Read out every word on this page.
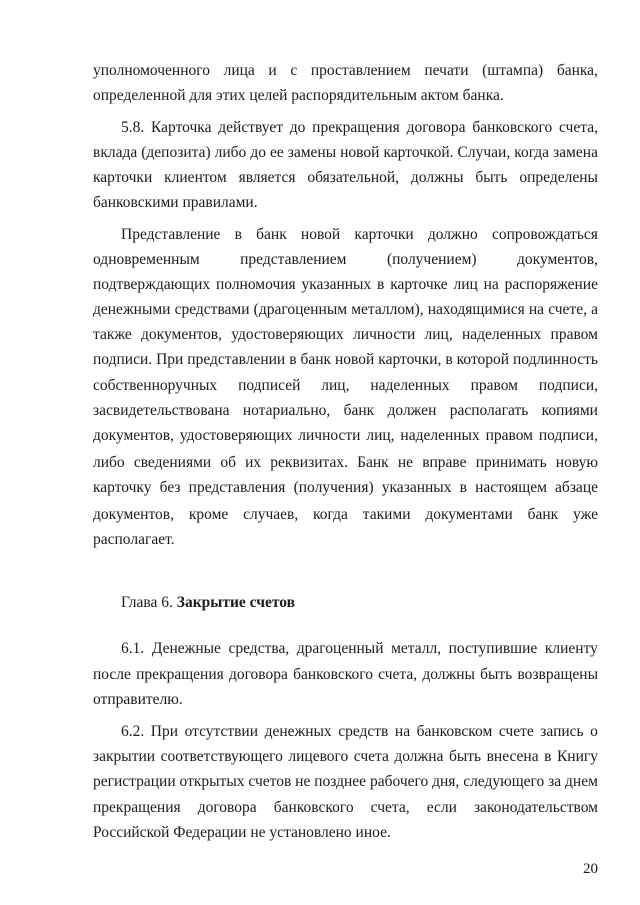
уполномоченного лица и с проставлением печати (штампа) банка,
определенной для этих целей распорядительным актом банка.
5.8. Карточка действует до прекращения договора банковского счета,
вклада (депозита) либо до ее замены новой карточкой. Случаи, когда замена
карточки клиентом является обязательной, должны быть определены
банковскими правилами.
Представление в банк новой карточки должно сопровождаться
одновременным	представлением	(получением)	документов,
подтверждающих полномочия указанных в карточке лиц на распоряжение
денежными средствами (драгоценным металлом), находящимися на счете, а
также документов, удостоверяющих личности лиц, наделенных правом
подписи. При представлении в банк новой карточки, в которой подлинность
собственноручных подписей лиц, наделенных правом подписи,
засвидетельствована нотариально, банк должен располагать копиями
документов, удостоверяющих личности лиц, наделенных правом подписи,
либо сведениями об их реквизитах. Банк не вправе принимать новую
карточку без представления (получения) указанных в настоящем абзаце
документов, кроме случаев, когда такими документами банк уже
располагает.
6.1. Денежные средства, драгоценный металл, поступившие клиенту
после прекращения договора банковского счета, должны быть возвращены
отправителю.
6.2. При отсутствии денежных средств на банковском счете запись о
закрытии соответствующего лицевого счета должна быть внесена в Книгу
регистрации открытых счетов не позднее рабочего дня, следующего за днем
прекращения договора банковского счета, если законодательством
Российской Федерации не установлено иное.
Глава 6. Закрытие счетов
20
